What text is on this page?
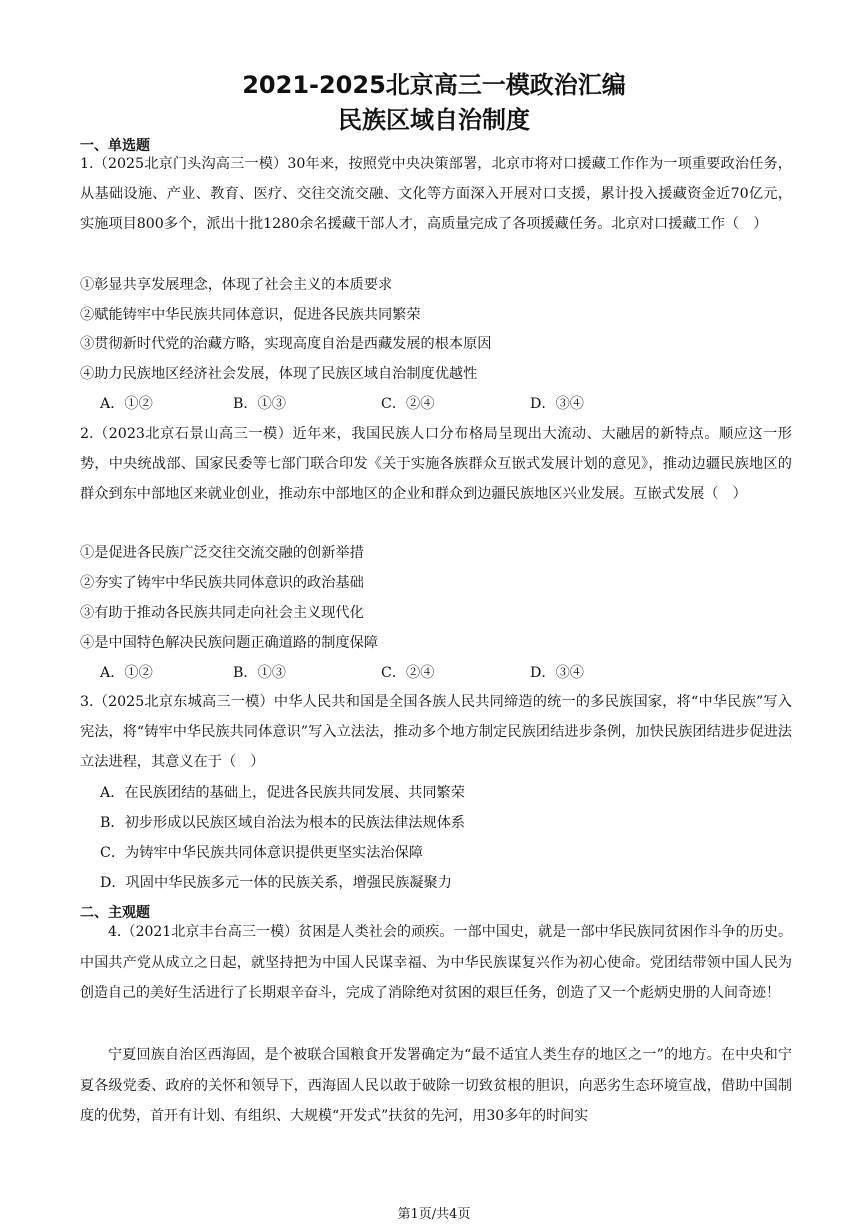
2021-2025北京高三一模政治汇编
民族区域自治制度
一、单选题
1.（2025北京门头沟高三一模）30年来，按照党中央决策部署，北京市将对口援藏工作作为一项重要政治任务，从基础设施、产业、教育、医疗、交往交流交融、文化等方面深入开展对口支援，累计投入援藏资金近70亿元，实施项目800多个，派出十批1280余名援藏干部人才，高质量完成了各项援藏任务。北京对口援藏工作（　）
①彰显共享发展理念，体现了社会主义的本质要求
②赋能铸牢中华民族共同体意识，促进各民族共同繁荣
③贯彻新时代党的治藏方略，实现高度自治是西藏发展的根本原因
④助力民族地区经济社会发展，体现了民族区域自治制度优越性
A．①②	B．①③	C．②④	D．③④
2.（2023北京石景山高三一模）近年来，我国民族人口分布格局呈现出大流动、大融居的新特点。顺应这一形势，中央统战部、国家民委等七部门联合印发《关于实施各族群众互嵌式发展计划的意见》，推动边疆民族地区的群众到东中部地区来就业创业，推动东中部地区的企业和群众到边疆民族地区兴业发展。互嵌式发展（　）
①是促进各民族广泛交往交流交融的创新举措
②夯实了铸牢中华民族共同体意识的政治基础
③有助于推动各民族共同走向社会主义现代化
④是中国特色解决民族问题正确道路的制度保障
A．①②	B．①③	C．②④	D．③④
3.（2025北京东城高三一模）中华人民共和国是全国各族人民共同缔造的统一的多民族国家，将“中华民族”写入宪法，将“铸牢中华民族共同体意识”写入立法法，推动多个地方制定民族团结进步条例，加快民族团结进步促进法立法进程，其意义在于（　）
A．在民族团结的基础上，促进各民族共同发展、共同繁荣
B．初步形成以民族区域自治法为根本的民族法律法规体系
C．为铸牢中华民族共同体意识提供更坚实法治保障
D．巩固中华民族多元一体的民族关系，增强民族凝聚力
二、主观题
4.（2021北京丰台高三一模）贫困是人类社会的顽疾。一部中国史，就是一部中华民族同贫困作斗争的历史。中国共产党从成立之日起，就坚持把为中国人民谋幸福、为中华民族谋复兴作为初心使命。党团结带领中国人民为创造自己的美好生活进行了长期艰辛奋斗，完成了消除绝对贫困的艰巨任务，创造了又一个彪炳史册的人间奇迹！
宁夏回族自治区西海固，是个被联合国粮食开发署确定为“最不适宜人类生存的地区之一”的地方。在中央和宁夏各级党委、政府的关怀和领导下，西海固人民以敢于破除一切致贫根的胆识，向恶劣生态环境宣战，借助中国制度的优势，首开有计划、有组织、大规模“开发式”扶贫的先河，用30多年的时间实
第1页/共4页
